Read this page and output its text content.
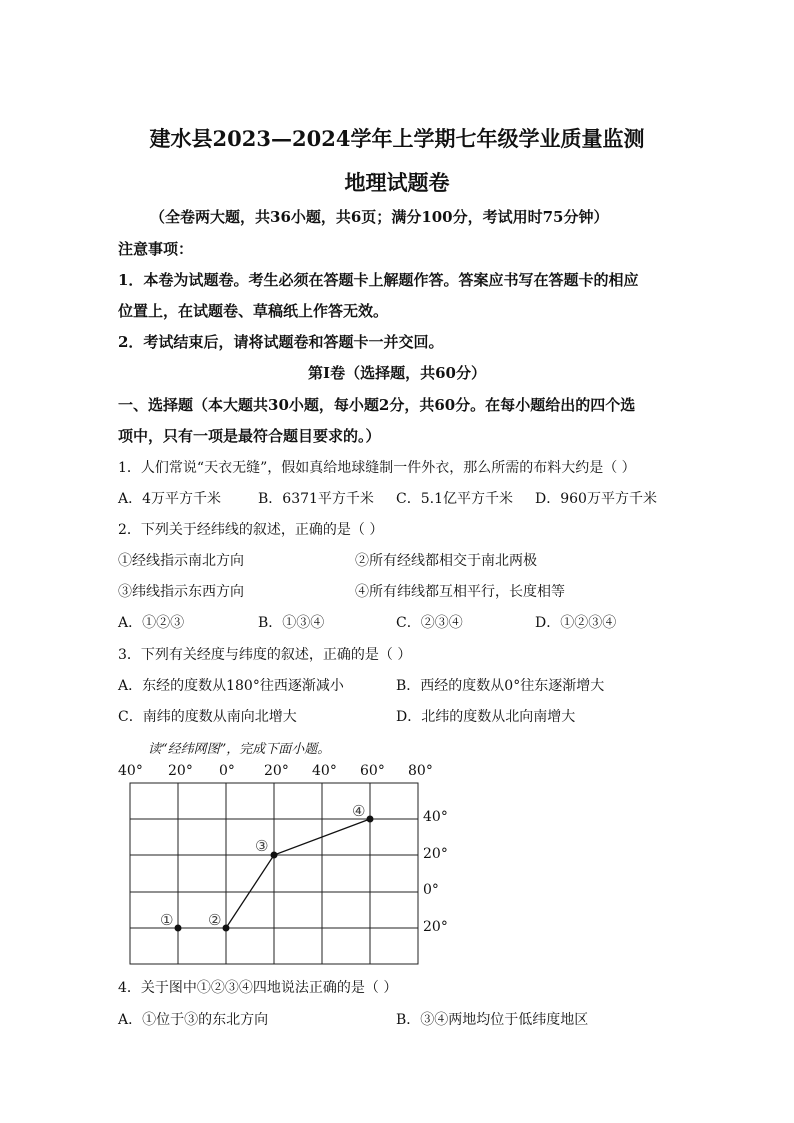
建水县2023—2024学年上学期七年级学业质量监测
地理试题卷
（全卷两大题，共36小题，共6页；满分100分，考试用时75分钟）
注意事项：
1．本卷为试题卷。考生必须在答题卡上解题作答。答案应书写在答题卡的相应
位置上，在试题卷、草稿纸上作答无效。
2．考试结束后，请将试题卷和答题卡一并交回。
第Ⅰ卷（选择题，共60分）
一、选择题（本大题共30小题，每小题2分，共60分。在每小题给出的四个选
项中，只有一项是最符合题目要求的。）
1．人们常说“天衣无缝”，假如真给地球缝制一件外衣，那么所需的布料大约是（ ）
A．4万平方千米	B．6371平方千米 C．5.1亿平方千米 D．960万平方千米
2．下列关于经纬线的叙述，正确的是（ ）
①经线指示南北方向	②所有经线都相交于南北两极
③纬线指示东西方向	④所有纬线都互相平行，长度相等
A．①②③	B．①③④	C．②③④	D．①②③④
3．下列有关经度与纬度的叙述，正确的是（ ）
A．东经的度数从180°往西逐渐减小	B．西经的度数从0°往东逐渐增大
C．南纬的度数从南向北增大	D．北纬的度数从北向南增大
读“经纬网图”，完成下面小题。
40° 20° 0° 20° 40° 60° 80°
40°
20°
0°
20°
① ②
③
④
4．关于图中①②③④四地说法正确的是（ ）
A．①位于③的东北方向	B．③④两地均位于低纬度地区
